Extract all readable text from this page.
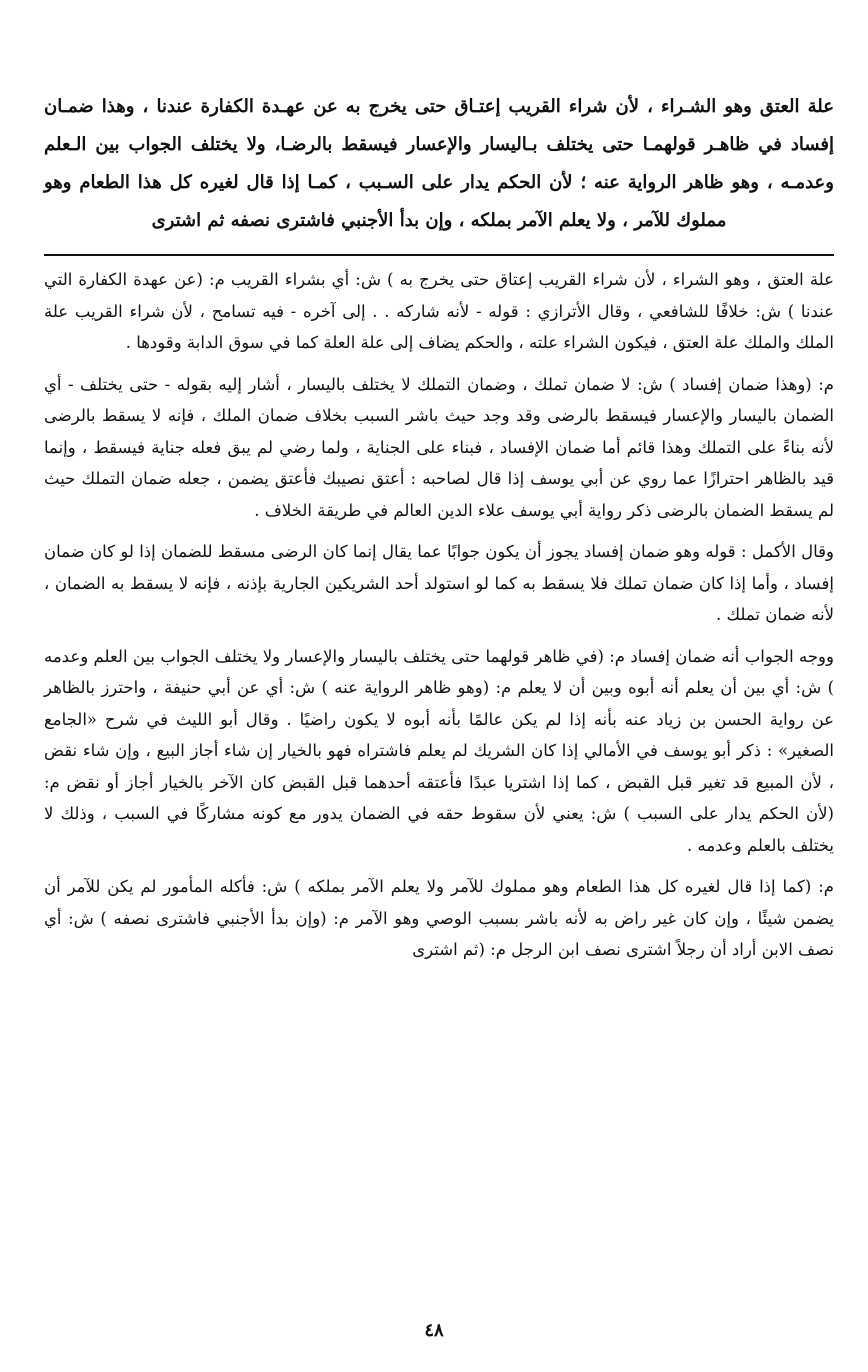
علة العتق وهو الشـراء ، لأن شراء القريب إعتـاق حتى يخرج به عن عهـدة الكفارة عندنا ، وهذا ضمـان إفساد في ظاهـر قولهمـا حتى يختلف بـاليسار والإعسار فيسقط بالرضـا، ولا يختلف الجواب بين الـعلم وعدمـه ، وهو ظاهر الرواية عنه ؛ لأن الحكم يدار على السـبب ، كمـا إذا قال لغيره كل هذا الطعام وهو مملوك للآمر ، ولا يعلم الآمر بملكه ، وإن بدأ الأجنبي فاشترى نصفه ثم اشترى

علة العتق ، وهو الشراء ، لأن شراء القريب إعتاق حتى يخرج به ) ش: أي بشراء القريب م: (عن عهدة الكفارة التي عندنا ) ش: خلافًا للشافعي ، وقال الأترازي : قوله - لأنه شاركه . . إلى آخره - فيه تسامح ، لأن شراء القريب علة الملك والملك علة العتق ، فيكون الشراء علته ، والحكم يضاف إلى علة العلة كما في سوق الدابة وقودها .

م: (وهذا ضمان إفساد ) ش: لا ضمان تملك ، وضمان التملك لا يختلف باليسار ، أشار إليه بقوله - حتى يختلف - أي الضمان باليسار والإعسار فيسقط بالرضى وقد وجد حيث باشر السبب بخلاف ضمان الملك ، فإنه لا يسقط بالرضى لأنه بناءً على التملك وهذا قائم أما ضمان الإفساد ، فبناء على الجناية ، ولما رضي لم يبق فعله جناية فيسقط ، وإنما قيد بالظاهر احترازًا عما روي عن أبي يوسف إذا قال لصاحبه : أعتق نصيبك فأعتق يضمن ، جعله ضمان التملك حيث لم يسقط الضمان بالرضى ذكر رواية أبي يوسف علاء الدين العالم في طريقة الخلاف .

وقال الأكمل : قوله وهو ضمان إفساد يجوز أن يكون جوابًا عما يقال إنما كان الرضى مسقط للضمان إذا لو كان ضمان إفساد ، وأما إذا كان ضمان تملك فلا يسقط به كما لو استولد أحد الشريكين الجارية بإذنه ، فإنه لا يسقط به الضمان ، لأنه ضمان تملك .

ووجه الجواب أنه ضمان إفساد م: (في ظاهر قولهما حتى يختلف باليسار والإعسار ولا يختلف الجواب بين العلم وعدمه ) ش: أي بين أن يعلم أنه أبوه وبين أن لا يعلم م: (وهو ظاهر الرواية عنه ) ش: أي عن أبي حنيفة ، واحترز بالظاهر عن رواية الحسن بن زياد عنه بأنه إذا لم يكن عالمًا بأنه أبوه لا يكون راضيًا . وقال أبو الليث في شرح «الجامع الصغير» : ذكر أبو يوسف في الأمالي إذا كان الشريك لم يعلم فاشتراه فهو بالخيار إن شاء أجاز البيع ، وإن شاء نقض ، لأن المبيع قد تغير قبل القبض ، كما إذا اشتريا عبدًا فأعتقه أحدهما قبل القبض كان الآخر بالخيار أجاز أو نقض م: (لأن الحكم يدار على السبب ) ش: يعني لأن سقوط حقه في الضمان يدور مع كونه مشاركًا في السبب ، وذلك لا يختلف بالعلم وعدمه .

م: (كما إذا قال لغيره كل هذا الطعام وهو مملوك للآمر ولا يعلم الآمر بملكه ) ش: فأكله المأمور لم يكن للآمر أن يضمن شيئًا ، وإن كان غير راض به لأنه باشر بسبب الوصي وهو الآمر م: (وإن بدأ الأجنبي فاشترى نصفه ) ش: أي نصف الابن أراد أن رجلاً اشترى نصف ابن الرجل م: (ثم اشترى

٤٨
